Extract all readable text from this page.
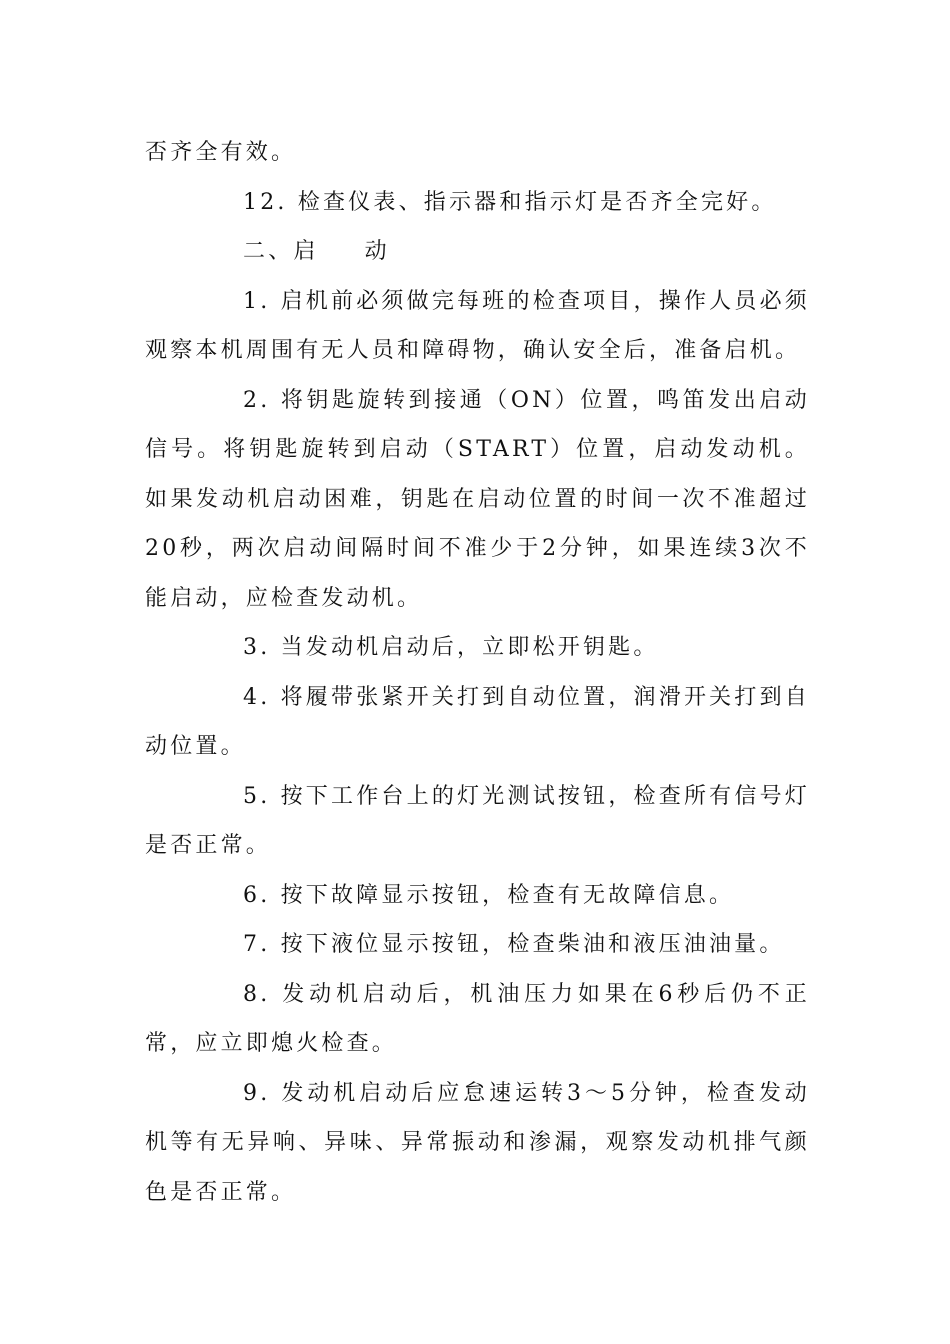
否齐全有效。

12. 检查仪表、指示器和指示灯是否齐全完好。

二、启 动

1. 启机前必须做完每班的检查项目，操作人员必须观察本机周围有无人员和障碍物，确认安全后，准备启机。

2. 将钥匙旋转到接通（ON）位置，鸣笛发出启动信号。将钥匙旋转到启动（START）位置，启动发动机。如果发动机启动困难，钥匙在启动位置的时间一次不准超过20秒，两次启动间隔时间不准少于2分钟，如果连续3次不能启动，应检查发动机。

3. 当发动机启动后，立即松开钥匙。

4. 将履带张紧开关打到自动位置，润滑开关打到自动位置。

5. 按下工作台上的灯光测试按钮，检查所有信号灯是否正常。

6. 按下故障显示按钮，检查有无故障信息。

7. 按下液位显示按钮，检查柴油和液压油油量。

8. 发动机启动后，机油压力如果在6秒后仍不正常，应立即熄火检查。

9. 发动机启动后应怠速运转3～5分钟，检查发动机等有无异响、异味、异常振动和渗漏，观察发动机排气颜色是否正常。
